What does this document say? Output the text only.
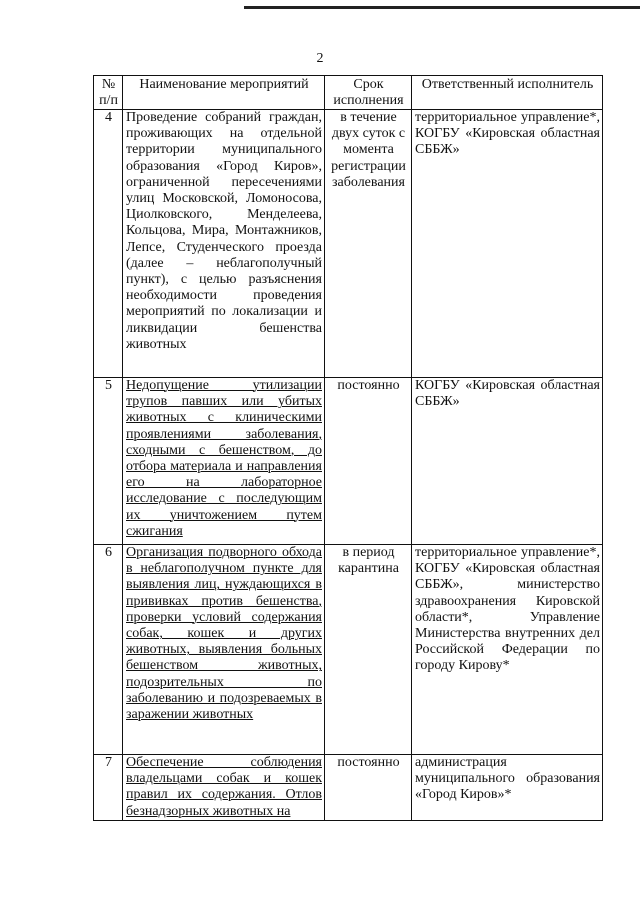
2
№ п/п	Наименование мероприятий	Срок исполнения	Ответственный исполнитель
4	Проведение собраний граждан, проживающих на отдельной территории муниципального образования «Город Киров», ограниченной пересечениями улиц Московской, Ломоносова, Циолковского, Менделеева, Кольцова, Мира, Монтажников, Лепсе, Студенческого проезда (далее – неблагополучный пункт), с целью разъяснения необходимости проведения мероприятий по локализации и ликвидации бешенства животных	в течение двух суток с момента регистрации заболевания	территориальное управление*, КОГБУ «Кировская областная СББЖ»
5	Недопущение утилизации трупов павших или убитых животных с клиническими проявлениями заболевания, сходными с бешенством, до отбора материала и направления его на лабораторное исследование с последующим их уничтожением путем сжигания	постоянно	КОГБУ «Кировская областная СББЖ»
6	Организация подворного обхода в неблагополучном пункте для выявления лиц, нуждающихся в прививках против бешенства, проверки условий содержания собак, кошек и других животных, выявления больных бешенством животных, подозрительных по заболеванию и подозреваемых в заражении животных	в период карантина	территориальное управление*, КОГБУ «Кировская областная СББЖ», министерство здравоохранения Кировской области*, Управление Министерства внутренних дел Российской Федерации по городу Кирову*
7	Обеспечение соблюдения владельцами собак и кошек правил их содержания. Отлов безнадзорных животных на	постоянно	администрация муниципального образования «Город Киров»*
